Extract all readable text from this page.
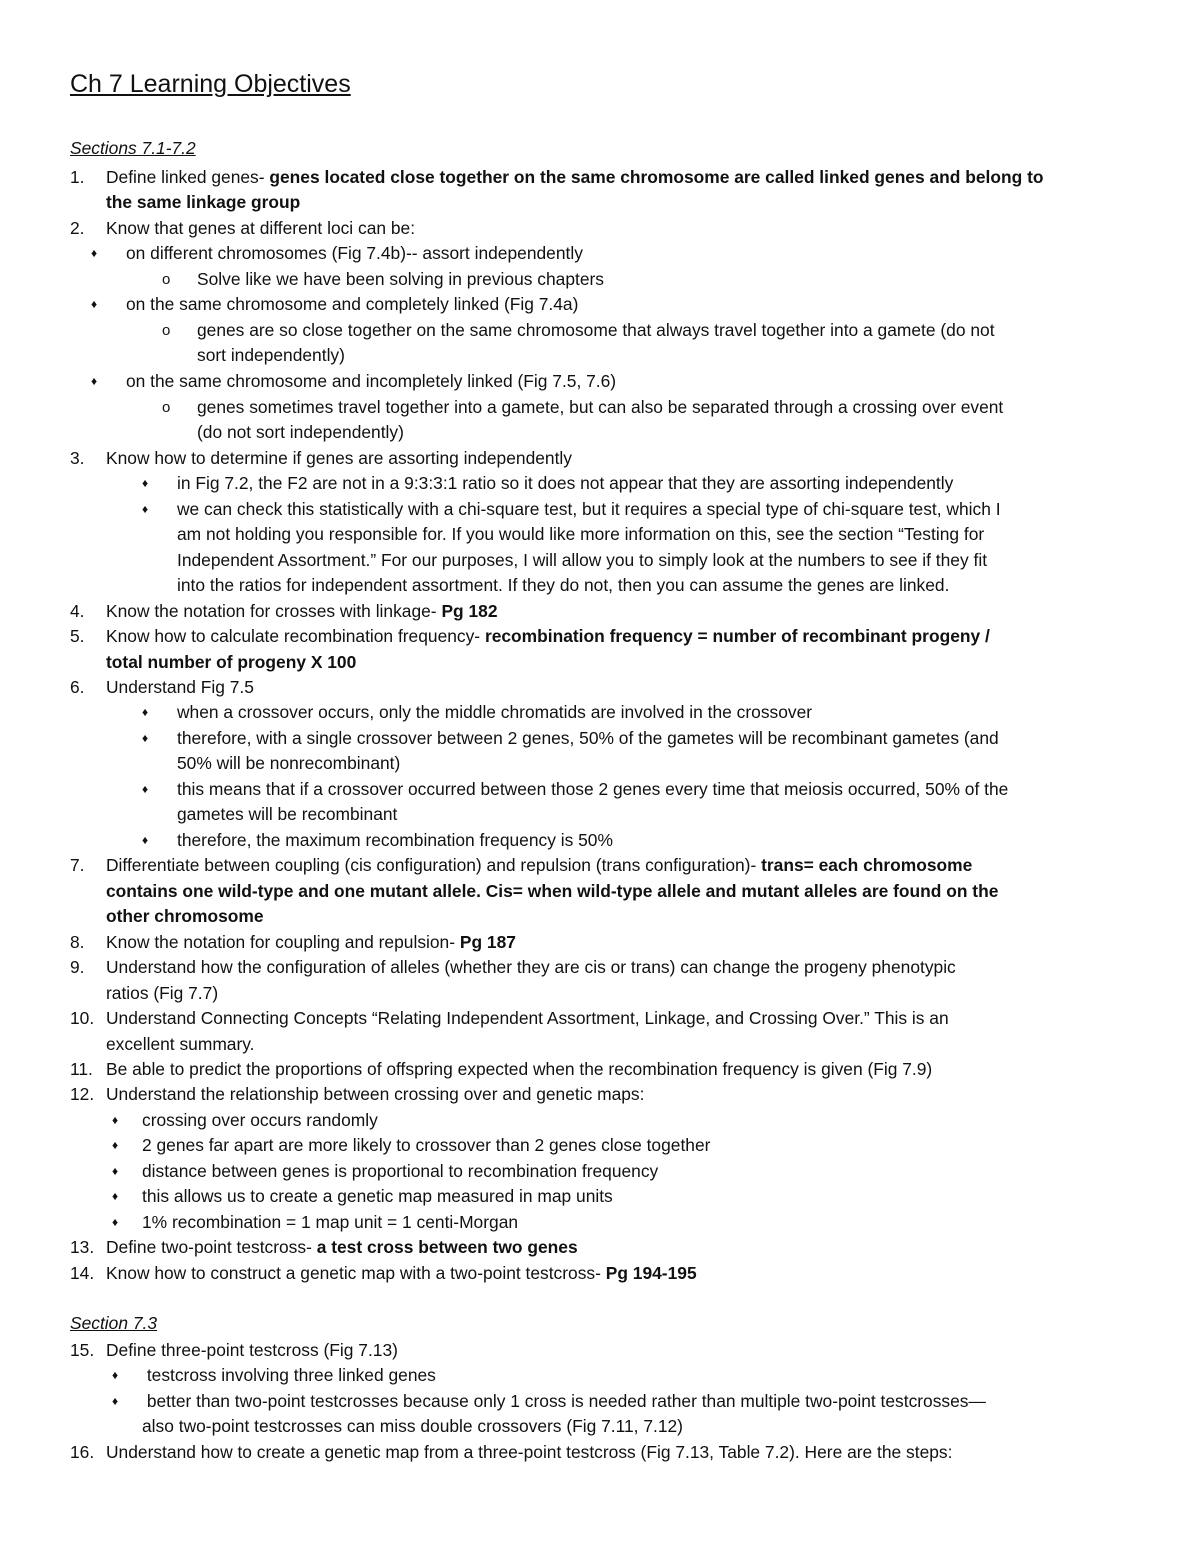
Ch 7 Learning Objectives
Sections 7.1-7.2
1.	Define linked genes- genes located close together on the same chromosome are called linked genes and belong to
the same linkage group
2.	Know that genes at different loci can be:
♦ on different chromosomes (Fig 7.4b)-- assort independently
o Solve like we have been solving in previous chapters
♦ on the same chromosome and completely linked (Fig 7.4a)
o genes are so close together on the same chromosome that always travel together into a gamete (do not
sort independently)
♦ on the same chromosome and incompletely linked (Fig 7.5, 7.6)
o genes sometimes travel together into a gamete, but can also be separated through a crossing over event
(do not sort independently)
3.	Know how to determine if genes are assorting independently
♦ in Fig 7.2, the F2 are not in a 9:3:3:1 ratio so it does not appear that they are assorting independently
♦ we can check this statistically with a chi-square test, but it requires a special type of chi-square test, which I
am not holding you responsible for. If you would like more information on this, see the section “Testing for
Independent Assortment.” For our purposes, I will allow you to simply look at the numbers to see if they fit
into the ratios for independent assortment. If they do not, then you can assume the genes are linked.
4.	Know the notation for crosses with linkage- Pg 182
5.	Know how to calculate recombination frequency- recombination frequency = number of recombinant progeny /
total number of progeny X 100
6.	Understand Fig 7.5
♦ when a crossover occurs, only the middle chromatids are involved in the crossover
♦ therefore, with a single crossover between 2 genes, 50% of the gametes will be recombinant gametes (and
50% will be nonrecombinant)
♦ this means that if a crossover occurred between those 2 genes every time that meiosis occurred, 50% of the
gametes will be recombinant
♦ therefore, the maximum recombination frequency is 50%
7.	Differentiate between coupling (cis configuration) and repulsion (trans configuration)- trans= each chromosome
contains one wild-type and one mutant allele. Cis= when wild-type allele and mutant alleles are found on the
other chromosome
8.	Know the notation for coupling and repulsion- Pg 187
9.	Understand how the configuration of alleles (whether they are cis or trans) can change the progeny phenotypic
ratios (Fig 7.7)
10. Understand Connecting Concepts “Relating Independent Assortment, Linkage, and Crossing Over.” This is an
excellent summary.
11. Be able to predict the proportions of offspring expected when the recombination frequency is given (Fig 7.9)
12. Understand the relationship between crossing over and genetic maps:
♦ crossing over occurs randomly
♦ 2 genes far apart are more likely to crossover than 2 genes close together
♦ distance between genes is proportional to recombination frequency
♦ this allows us to create a genetic map measured in map units
♦ 1% recombination = 1 map unit = 1 centi-Morgan
13. Define two-point testcross- a test cross between two genes
14. Know how to construct a genetic map with a two-point testcross- Pg 194-195
Section 7.3
15. Define three-point testcross (Fig 7.13)
♦ testcross involving three linked genes
♦ better than two-point testcrosses because only 1 cross is needed rather than multiple two-point testcrosses—
also two-point testcrosses can miss double crossovers (Fig 7.11, 7.12)
16. Understand how to create a genetic map from a three-point testcross (Fig 7.13, Table 7.2). Here are the steps:
